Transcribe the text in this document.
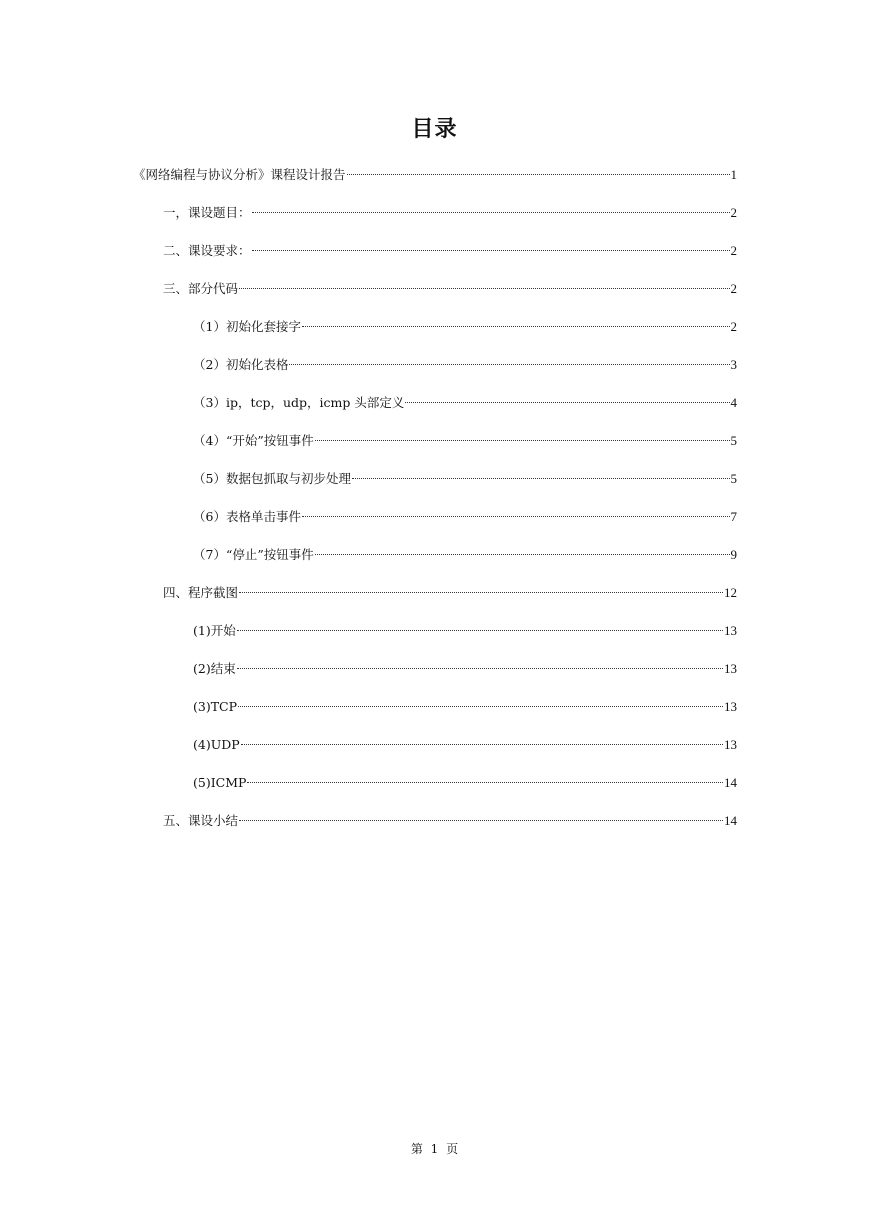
目录
《网络编程与协议分析》课程设计报告	1
一，课设题目：	2
二、课设要求：	2
三、部分代码	2
（1）初始化套接字	2
（2）初始化表格	3
（3）ip，tcp，udp，icmp 头部定义	4
（4）“开始”按钮事件	5
（5）数据包抓取与初步处理	5
（6）表格单击事件	7
（7）“停止”按钮事件	9
四、程序截图	12
(1)开始	13
(2)结束	13
(3)TCP	13
(4)UDP	13
(5)ICMP	14
五、课设小结	14
第 1 页
